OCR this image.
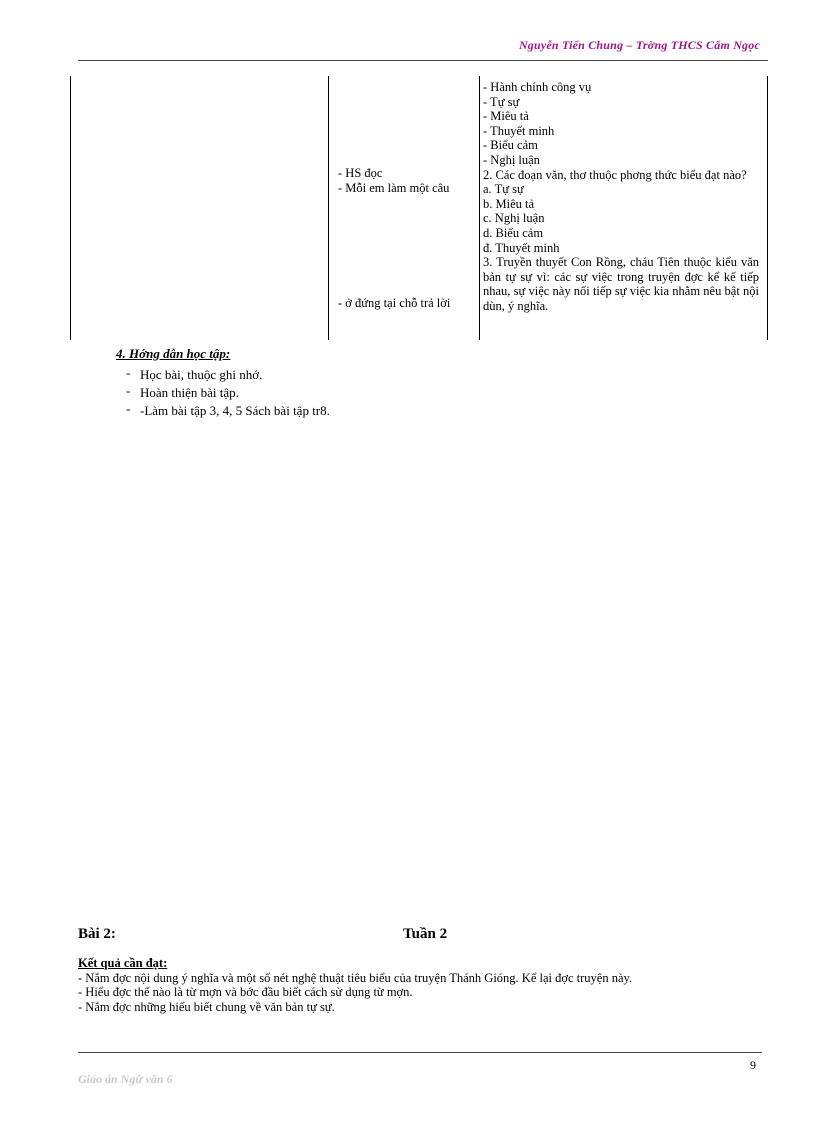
Nguyễn Tiến Chung – Trờng THCS Cẩm Ngọc
- HS đọc
- Mỗi em làm một câu
- ở đứng tại chỗ trả lời
- Hành chính công vụ
- Tự sự
- Miêu tả
- Thuyết minh
- Biểu cảm
- Nghị luận
2. Các đoạn văn, thơ thuộc phơng thức biểu đạt nào?
a. Tự sự
b. Miêu tả
c. Nghị luận
d. Biểu cảm
đ. Thuyết minh
3. Truyền thuyết Con Rồng, cháu Tiên thuộc kiểu văn bản tự sự vì: các sự việc trong truyện đợc kể kế tiếp nhau, sự việc này nối tiếp sự việc kia nhằm nêu bật nội dùn, ý nghĩa.
4. Hớng dẫn học tập:
- Học bài, thuộc ghi nhớ.
- Hoàn thiện bài tập.
- -Làm bài tập 3, 4, 5 Sách bài tập tr8.
Bài 2:	Tuần 2
Kết quả cần đạt:
- Nắm đợc nội dung ý nghĩa và một số nét nghệ thuật tiêu biểu của truyện Thánh Gióng. Kể lại đợc truyện này.
- Hiểu đợc thế nào là từ mợn và bớc đầu biết cách sử dụng từ mợn.
- Nắm đợc những hiểu biết chung về văn bản tự sự.
9
Giáo án Ngữ văn 6
